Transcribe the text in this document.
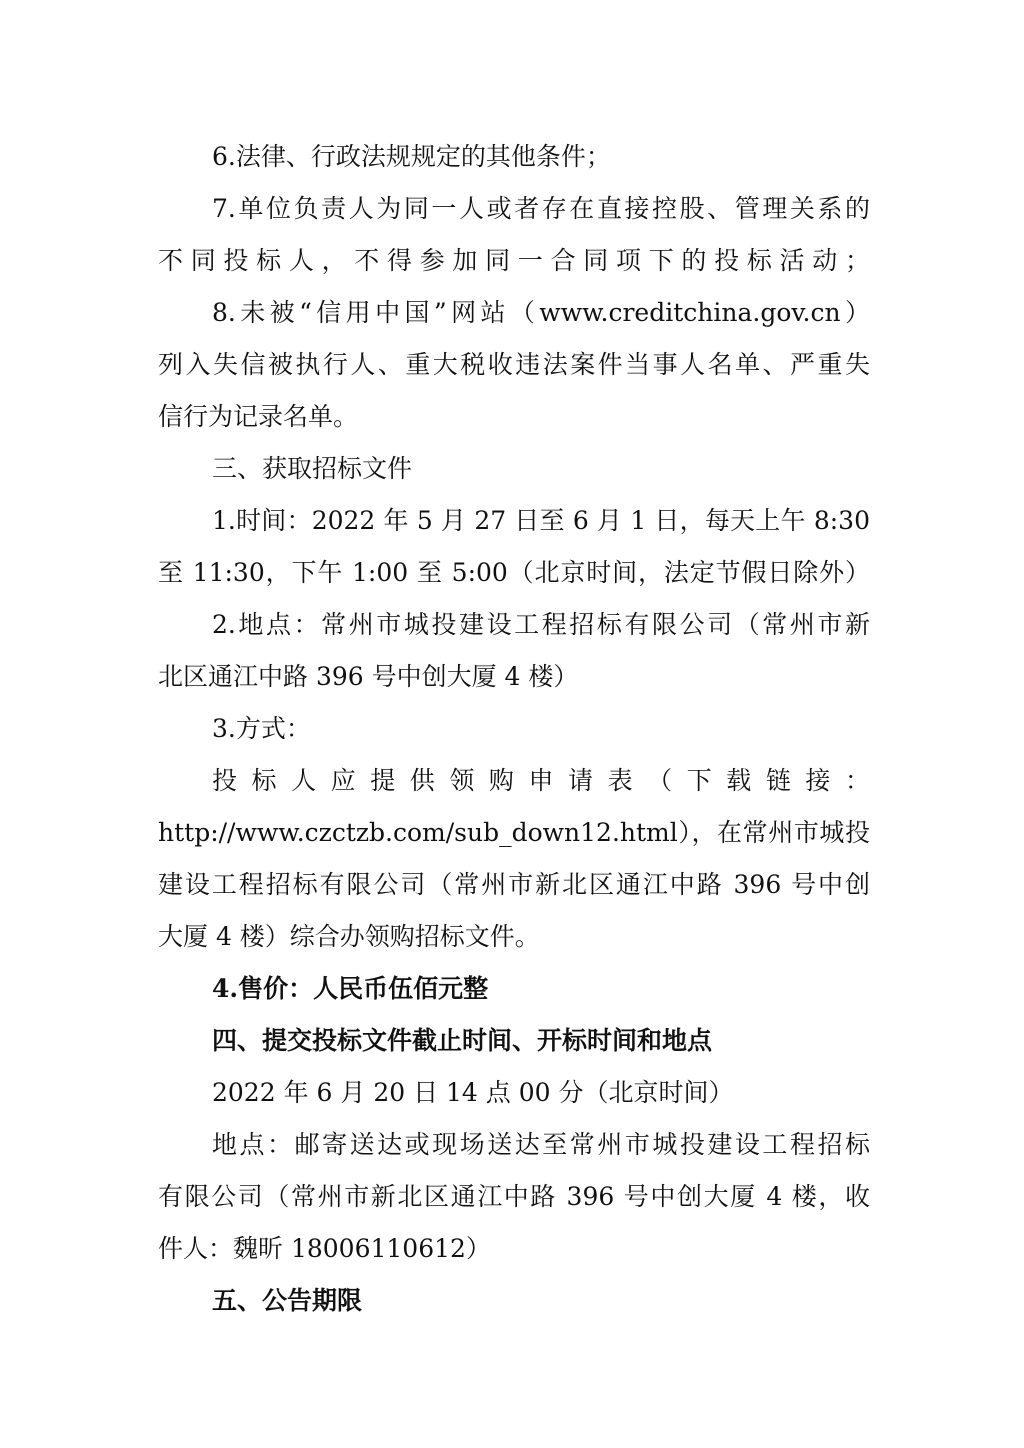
6.法律、行政法规规定的其他条件；
7.单位负责人为同一人或者存在直接控股、管理关系的
不同投标人，不得参加同一合同项下的投标活动；
8.未被“信用中国”网站（www.creditchina.gov.cn）
列入失信被执行人、重大税收违法案件当事人名单、严重失
信行为记录名单。
三、获取招标文件
1.时间：2022 年 5 月 27 日至 6 月 1 日，每天上午 8:30
至 11:30，下午 1:00 至 5:00（北京时间，法定节假日除外）
2.地点：常州市城投建设工程招标有限公司（常州市新
北区通江中路 396 号中创大厦 4 楼）
3.方式：
投标人应提供领购申请表（下载链接：
http://www.czctzb.com/sub_down12.html），在常州市城投
建设工程招标有限公司（常州市新北区通江中路 396 号中创
大厦 4 楼）综合办领购招标文件。
4.售价：人民币伍佰元整
四、提交投标文件截止时间、开标时间和地点
2022 年 6 月 20 日 14 点 00 分（北京时间）
地点：邮寄送达或现场送达至常州市城投建设工程招标
有限公司（常州市新北区通江中路 396 号中创大厦 4 楼，收
件人：魏昕 18006110612）
五、公告期限
